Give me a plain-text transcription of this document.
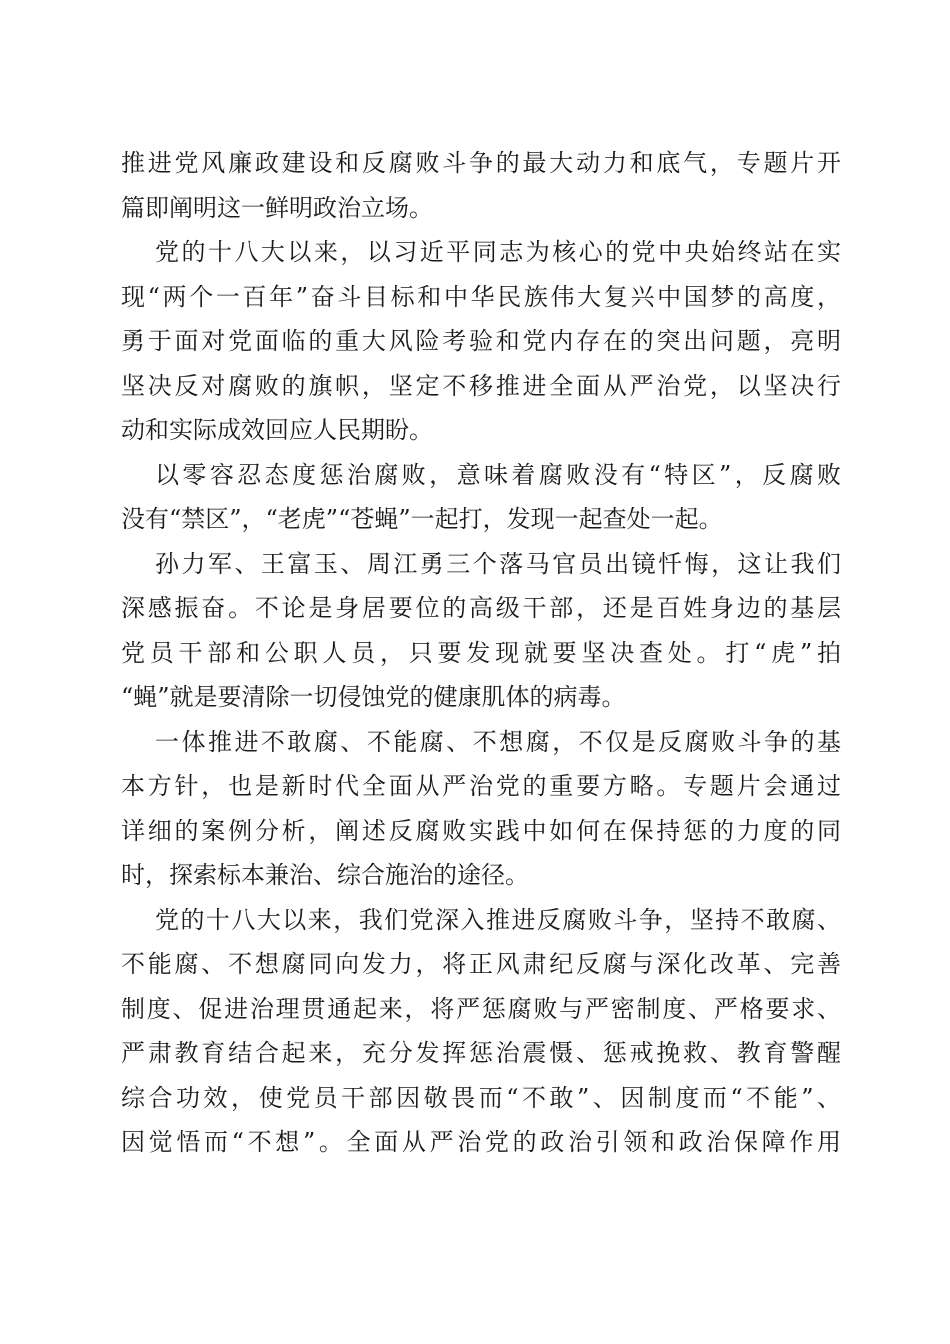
推进党风廉政建设和反腐败斗争的最大动力和底气，专题片开
篇即阐明这一鲜明政治立场。
党的十八大以来，以习近平同志为核心的党中央始终站在实
现“两个一百年”奋斗目标和中华民族伟大复兴中国梦的高度，
勇于面对党面临的重大风险考验和党内存在的突出问题，亮明
坚决反对腐败的旗帜，坚定不移推进全面从严治党，以坚决行
动和实际成效回应人民期盼。
以零容忍态度惩治腐败，意味着腐败没有“特区”，反腐败
没有“禁区”，“老虎”“苍蝇”一起打，发现一起查处一起。
孙力军、王富玉、周江勇三个落马官员出镜忏悔，这让我们
深感振奋。不论是身居要位的高级干部，还是百姓身边的基层
党员干部和公职人员，只要发现就要坚决查处。打“虎”拍
“蝇”就是要清除一切侵蚀党的健康肌体的病毒。
一体推进不敢腐、不能腐、不想腐，不仅是反腐败斗争的基
本方针，也是新时代全面从严治党的重要方略。专题片会通过
详细的案例分析，阐述反腐败实践中如何在保持惩的力度的同
时，探索标本兼治、综合施治的途径。
党的十八大以来，我们党深入推进反腐败斗争，坚持不敢腐、
不能腐、不想腐同向发力，将正风肃纪反腐与深化改革、完善
制度、促进治理贯通起来，将严惩腐败与严密制度、严格要求、
严肃教育结合起来，充分发挥惩治震慑、惩戒挽救、教育警醒
综合功效，使党员干部因敬畏而“不敢”、因制度而“不能”、
因觉悟而“不想”。全面从严治党的政治引领和政治保障作用
